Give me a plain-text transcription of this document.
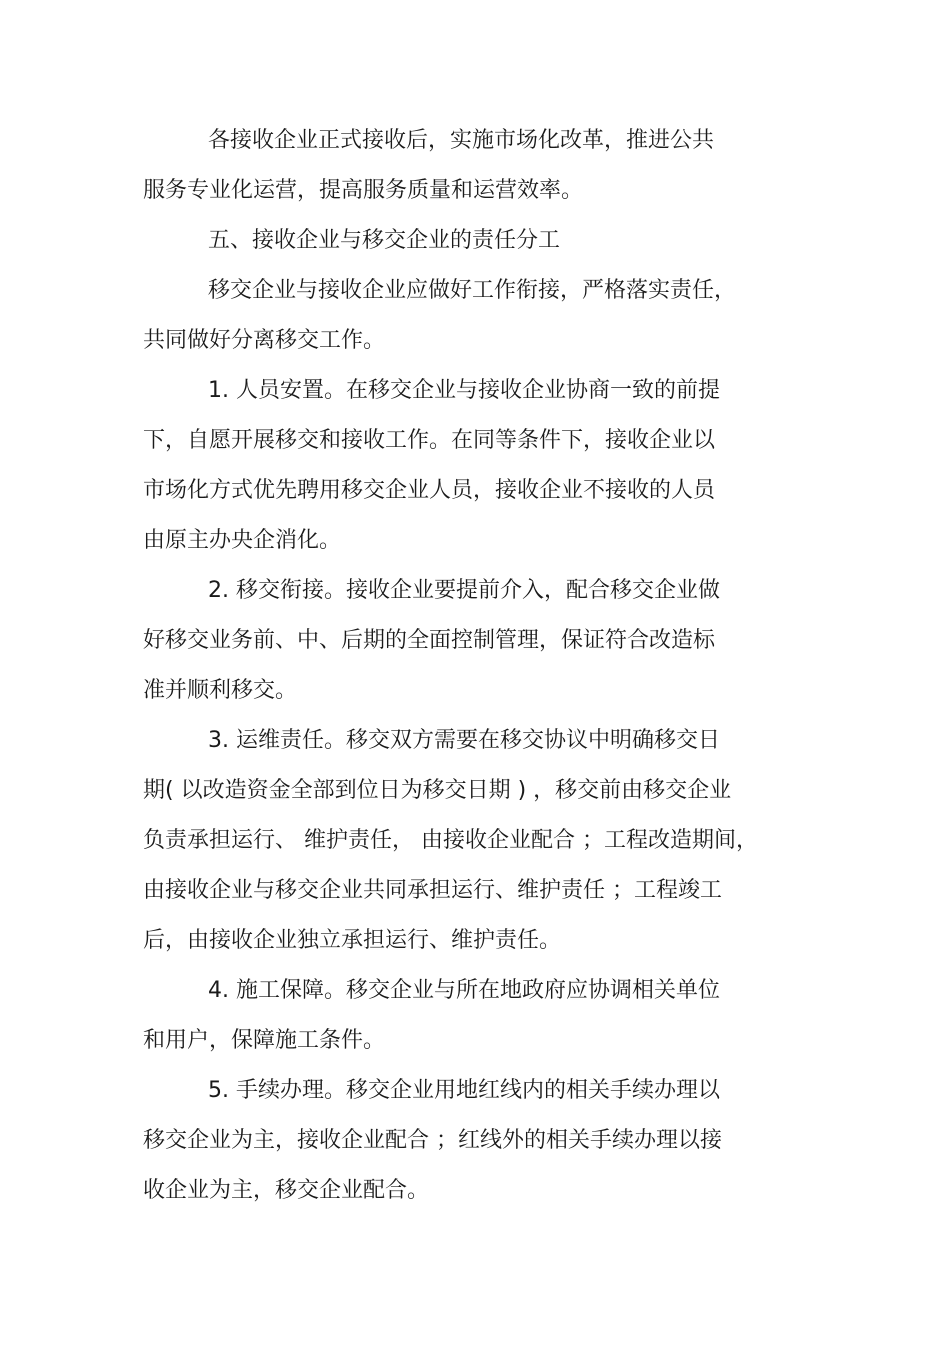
各接收企业正式接收后，实施市场化改革，推进公共

服务专业化运营，提高服务质量和运营效率。

五、接收企业与移交企业的责任分工

移交企业与接收企业应做好工作衔接，严格落实责任，

共同做好分离移交工作。

1. 人员安置。在移交企业与接收企业协商一致的前提

下，自愿开展移交和接收工作。在同等条件下，接收企业以

市场化方式优先聘用移交企业人员，接收企业不接收的人员

由原主办央企消化。

2. 移交衔接。接收企业要提前介入，配合移交企业做

好移交业务前、中、后期的全面控制管理，保证符合改造标

准并顺利移交。

3. 运维责任。移交双方需要在移交协议中明确移交日

期( 以改造资金全部到位日为移交日期 ) ，移交前由移交企业

负责承担运行、 维护责任， 由接收企业配合 ；工程改造期间，

由接收企业与移交企业共同承担运行、维护责任 ；工程竣工

后，由接收企业独立承担运行、维护责任。

4. 施工保障。移交企业与所在地政府应协调相关单位

和用户，保障施工条件。

5. 手续办理。移交企业用地红线内的相关手续办理以

移交企业为主，接收企业配合 ；红线外的相关手续办理以接

收企业为主，移交企业配合。
